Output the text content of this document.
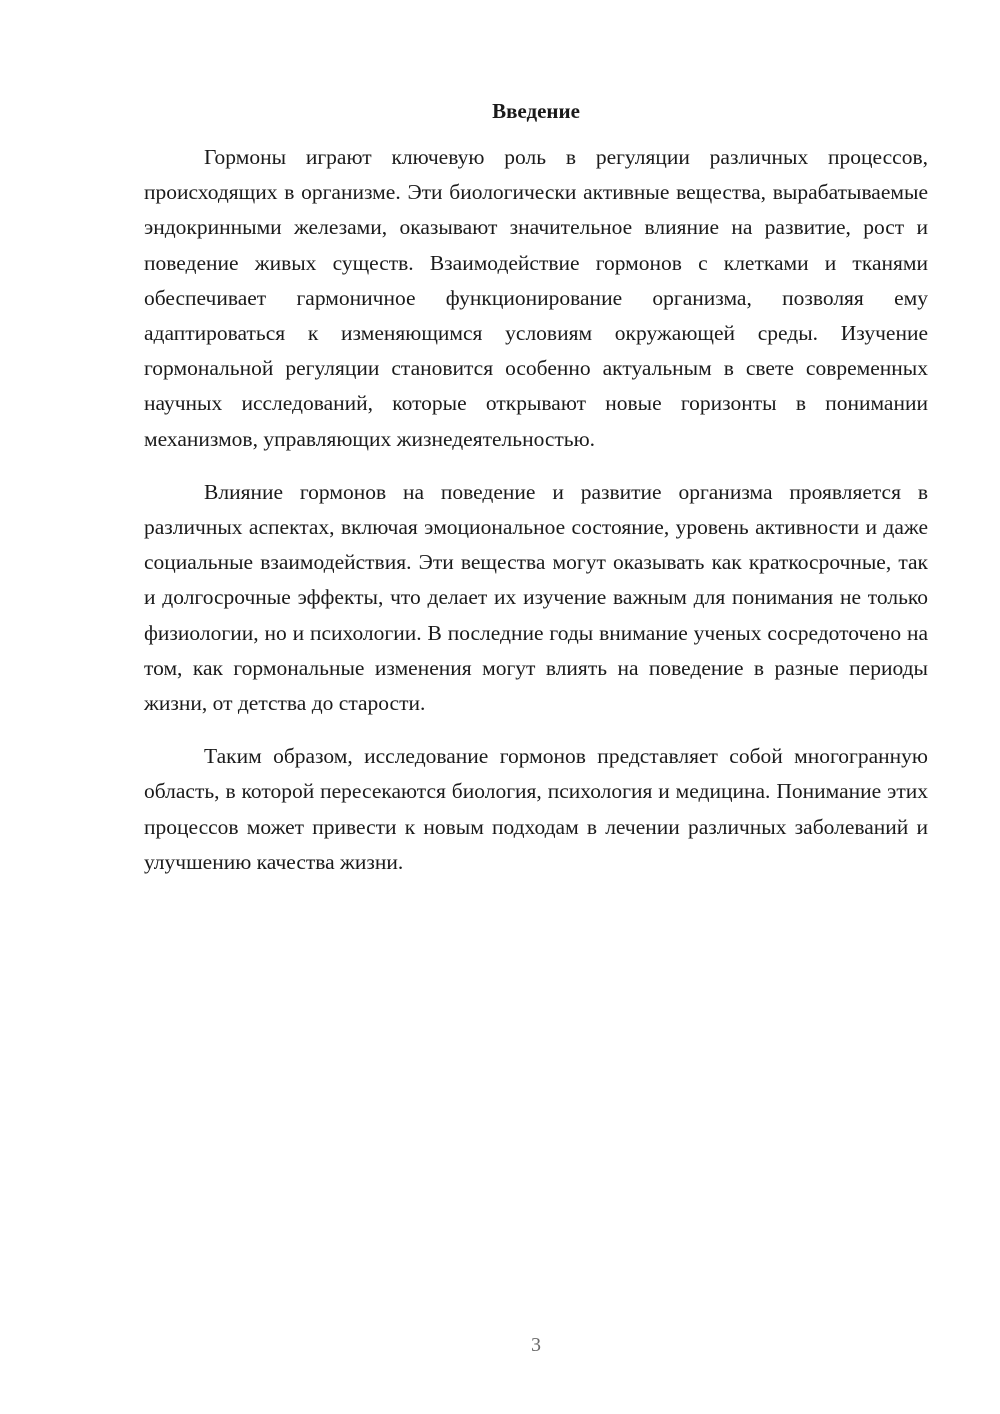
Введение

Гормоны играют ключевую роль в регуляции различных процессов, происходящих в организме. Эти биологически активные вещества, вырабатываемые эндокринными железами, оказывают значительное влияние на развитие, рост и поведение живых существ. Взаимодействие гормонов с клетками и тканями обеспечивает гармоничное функционирование организма, позволяя ему адаптироваться к изменяющимся условиям окружающей среды. Изучение гормональной регуляции становится особенно актуальным в свете современных научных исследований, которые открывают новые горизонты в понимании механизмов, управляющих жизнедеятельностью.

Влияние гормонов на поведение и развитие организма проявляется в различных аспектах, включая эмоциональное состояние, уровень активности и даже социальные взаимодействия. Эти вещества могут оказывать как краткосрочные, так и долгосрочные эффекты, что делает их изучение важным для понимания не только физиологии, но и психологии. В последние годы внимание ученых сосредоточено на том, как гормональные изменения могут влиять на поведение в разные периоды жизни, от детства до старости.

Таким образом, исследование гормонов представляет собой многогранную область, в которой пересекаются биология, психология и медицина. Понимание этих процессов может привести к новым подходам в лечении различных заболеваний и улучшению качества жизни.

3
